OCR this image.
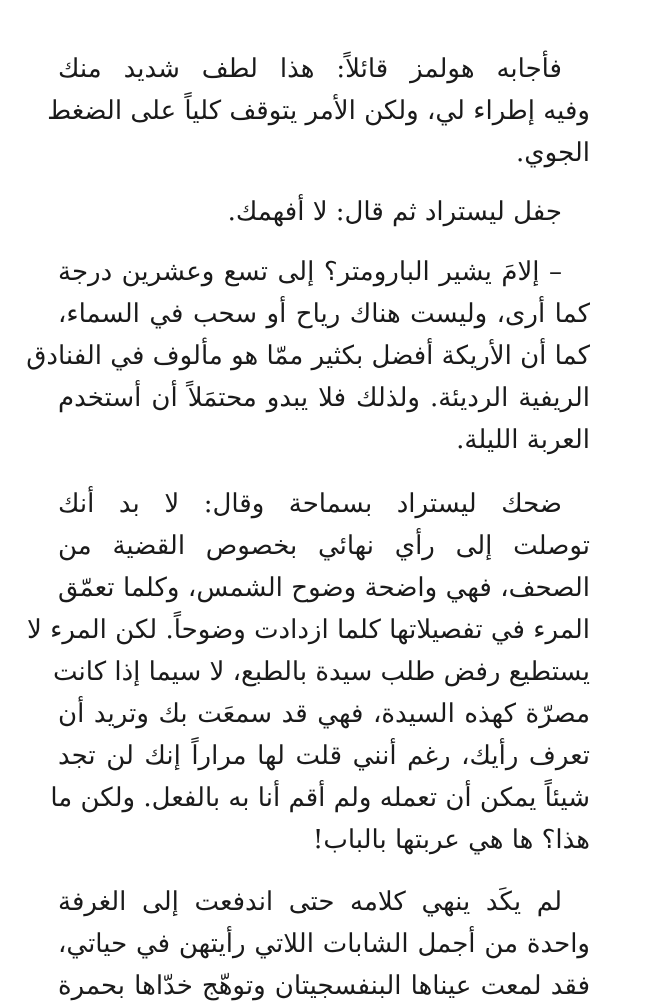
فأجابه هولمز قائلاً: هذا لطف شديد منك
وفيه إطراء لي، ولكن الأمر يتوقف كلياً على الضغط
الجوي.
جفل ليستراد ثم قال: لا أفهمك.
– إلامَ يشير البارومتر؟ إلى تسع وعشرين درجة
كما أرى، وليست هناك رياح أو سحب في السماء،
كما أن الأريكة أفضل بكثير ممّا هو مألوف في الفنادق
الريفية الرديئة. ولذلك فلا يبدو محتمَلاً أن أستخدم
العربة الليلة.
ضحك ليستراد بسماحة وقال: لا بد أنك
توصلت إلى رأي نهائي بخصوص القضية من
الصحف، فهي واضحة وضوح الشمس، وكلما تعمّق
المرء في تفصيلاتها كلما ازدادت وضوحاً. لكن المرء لا
يستطيع رفض طلب سيدة بالطبع، لا سيما إذا كانت
مصرّة كهذه السيدة، فهي قد سمعَت بك وتريد أن
تعرف رأيك، رغم أنني قلت لها مراراً إنك لن تجد
شيئاً يمكن أن تعمله ولم أقم أنا به بالفعل. ولكن ما
هذا؟ ها هي عربتها بالباب!
لم يكَد ينهي كلامه حتى اندفعت إلى الغرفة
واحدة من أجمل الشابات اللاتي رأيتهن في حياتي،
فقد لمعت عيناها البنفسجيتان وتوهّج خدّاها بحمرة
